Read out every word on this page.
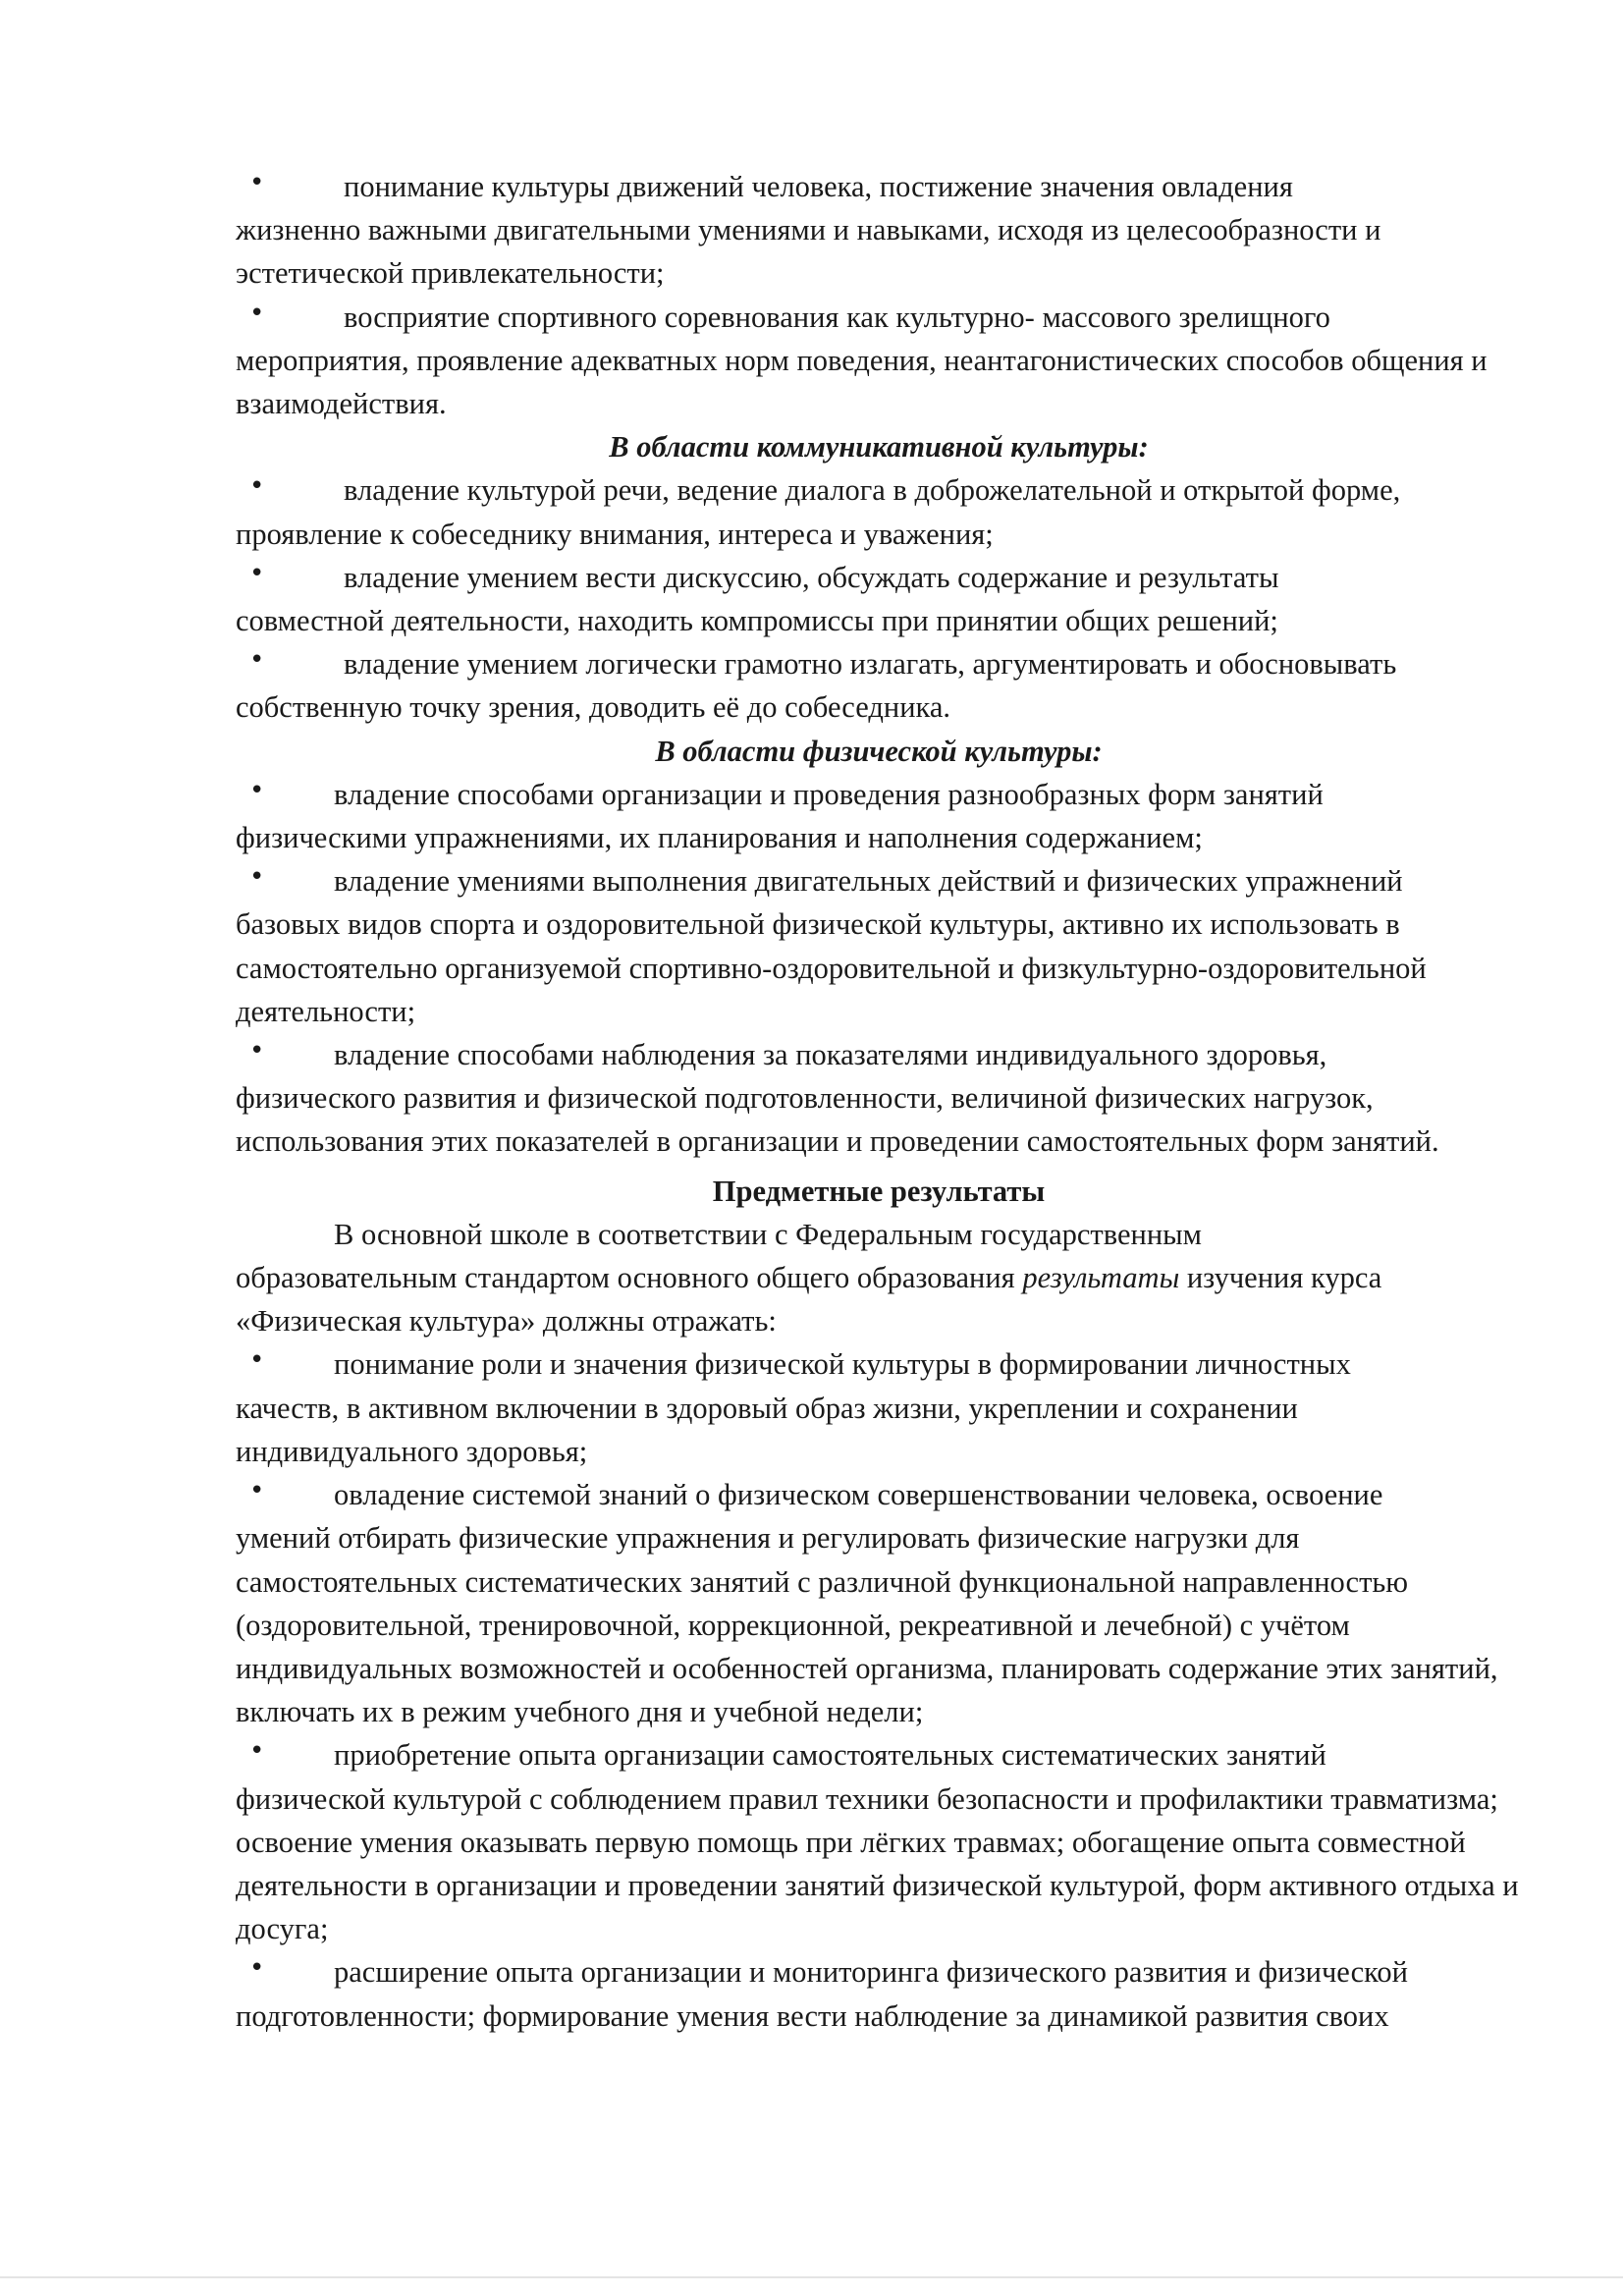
•	понимание культуры движений человека, постижение значения овладения
жизненно важными двигательными умениями и навыками, исходя из целесообразности и эстетической привлекательности;
•	восприятие спортивного соревнования как культурно- массового зрелищного
мероприятия, проявление адекватных норм поведения, неантагонистических способов общения и взаимодействия.

В области коммуникативной культуры:

•	владение культурой речи, ведение диалога в доброжелательной и открытой форме,
проявление к собеседнику внимания, интереса и уважения;
•	владение умением вести дискуссию, обсуждать содержание и результаты
совместной деятельности, находить компромиссы при принятии общих решений;
•	владение умением логически грамотно излагать, аргументировать и обосновывать
собственную точку зрения, доводить её до собеседника.

В области физической культуры:

•	владение способами организации и проведения разнообразных форм занятий
физическими упражнениями, их планирования и наполнения содержанием;
•	владение умениями выполнения двигательных действий и физических упражнений
базовых видов спорта и оздоровительной физической культуры, активно их использовать в самостоятельно организуемой спортивно-оздоровительной и физкультурно-оздоровительной деятельности;
•	владение способами наблюдения за показателями индивидуального здоровья,
физического развития и физической подготовленности, величиной физических нагрузок, использования этих показателей в организации и проведении самостоятельных форм занятий.

Предметные результаты

В основной школе в соответствии с Федеральным государственным
образовательным стандартом основного общего образования результаты изучения курса «Физическая культура» должны отражать:

•	понимание роли и значения физической культуры в формировании личностных
качеств, в активном включении в здоровый образ жизни, укреплении и сохранении индивидуального здоровья;
•	овладение системой знаний о физическом совершенствовании человека, освоение
умений отбирать физические упражнения и регулировать физические нагрузки для самостоятельных систематических занятий с различной функциональной направленностью (оздоровительной, тренировочной, коррекционной, рекреативной и лечебной) с учётом индивидуальных возможностей и особенностей организма, планировать содержание этих занятий, включать их в режим учебного дня и учебной недели;
•	приобретение опыта организации самостоятельных систематических занятий
физической культурой с соблюдением правил техники безопасности и профилактики травматизма; освоение умения оказывать первую помощь при лёгких травмах; обогащение опыта совместной деятельности в организации и проведении занятий физической культурой, форм активного отдыха и досуга;
•	расширение опыта организации и мониторинга физического развития и физической
подготовленности; формирование умения вести наблюдение за динамикой развития своих
